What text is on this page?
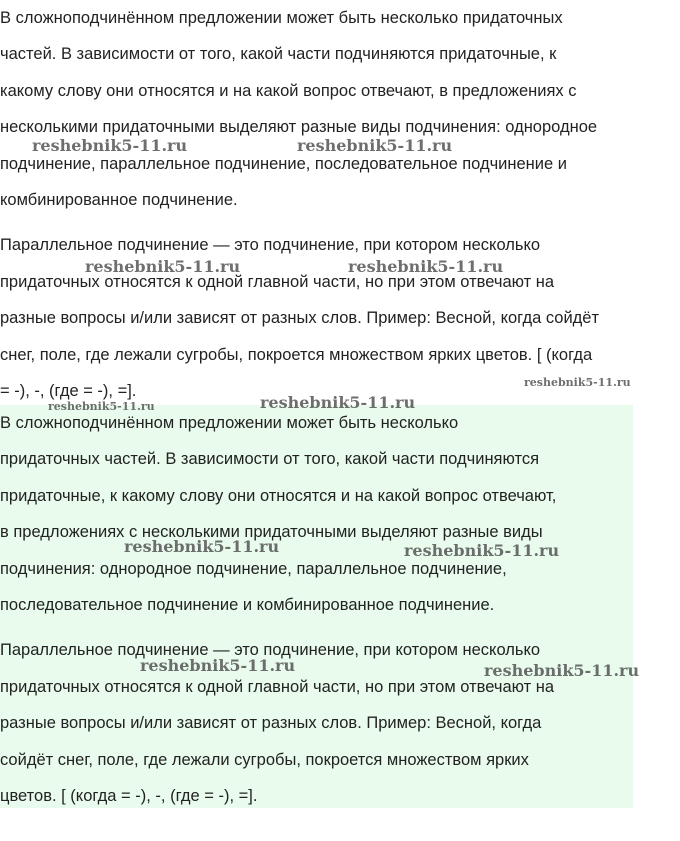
В сложноподчинённом предложении может быть несколько придаточных
частей. В зависимости от того, какой части подчиняются придаточные, к
какому слову они относятся и на какой вопрос отвечают, в предложениях с
несколькими придаточными выделяют разные виды подчинения: однородное
подчинение, параллельное подчинение, последовательное подчинение и
комбинированное подчинение.

Параллельное подчинение — это подчинение, при котором несколько
придаточных относятся к одной главной части, но при этом отвечают на
разные вопросы и/или зависят от разных слов. Пример: Весной, когда сойдёт
снег, поле, где лежали сугробы, покроется множеством ярких цветов. [ (когда
= -), -, (где = -), =].

В сложноподчинённом предложении может быть несколько
придаточных частей. В зависимости от того, какой части подчиняются
придаточные, к какому слову они относятся и на какой вопрос отвечают,
в предложениях с несколькими придаточными выделяют разные виды
подчинения: однородное подчинение, параллельное подчинение,
последовательное подчинение и комбинированное подчинение.

Параллельное подчинение — это подчинение, при котором несколько
придаточных относятся к одной главной части, но при этом отвечают на
разные вопросы и/или зависят от разных слов. Пример: Весной, когда
сойдёт снег, поле, где лежали сугробы, покроется множеством ярких
цветов. [ (когда = -), -, (где = -), =].

reshebnik5-11.ru	reshebnik5-11.ru
reshebnik5-11.ru	reshebnik5-11.ru
reshebnik5-11.ru
reshebnik5-11.ru	reshebnik5-11.ru
reshebnik5-11.ru	reshebnik5-11.ru
reshebnik5-11.ru	reshebnik5-11.ru
